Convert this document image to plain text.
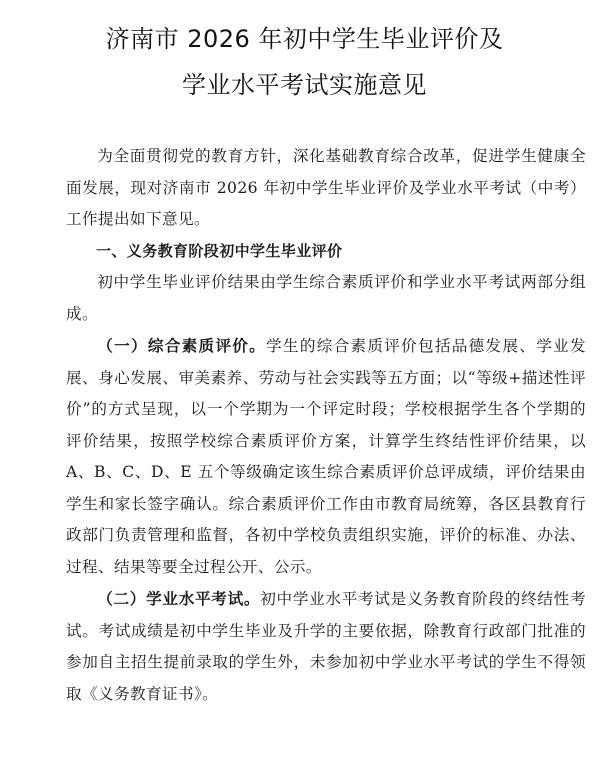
济南市 2026 年初中学生毕业评价及
学业水平考试实施意见

为全面贯彻党的教育方针，深化基础教育综合改革，促进学生健康全面发展，现对济南市 2026 年初中学生毕业评价及学业水平考试（中考）工作提出如下意见。

一、义务教育阶段初中学生毕业评价

初中学生毕业评价结果由学生综合素质评价和学业水平考试两部分组成。

（一）综合素质评价。学生的综合素质评价包括品德发展、学业发展、身心发展、审美素养、劳动与社会实践等五方面；以“等级+描述性评价”的方式呈现，以一个学期为一个评定时段；学校根据学生各个学期的评价结果，按照学校综合素质评价方案，计算学生终结性评价结果，以 A、B、C、D、E 五个等级确定该生综合素质评价总评成绩，评价结果由学生和家长签字确认。综合素质评价工作由市教育局统筹，各区县教育行政部门负责管理和监督，各初中学校负责组织实施，评价的标准、办法、过程、结果等要全过程公开、公示。

（二）学业水平考试。初中学业水平考试是义务教育阶段的终结性考试。考试成绩是初中学生毕业及升学的主要依据，除教育行政部门批准的参加自主招生提前录取的学生外，未参加初中学业水平考试的学生不得领取《义务教育证书》。
